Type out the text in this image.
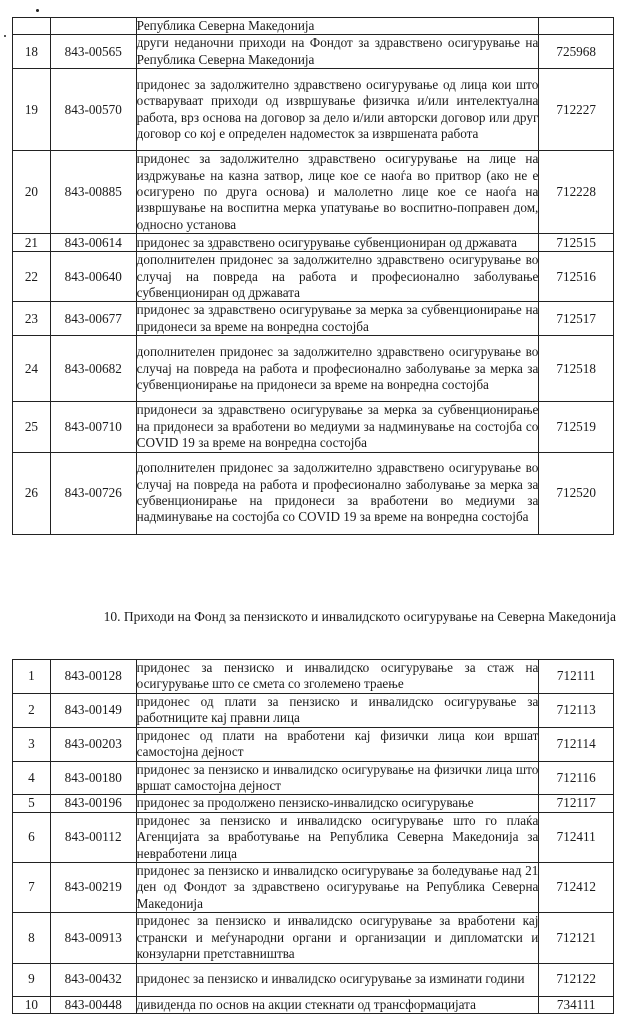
		Република Северна Македонија	
18	843-00565	други неданочни приходи на Фондот за здравствено осигурување на Република Северна Македонија	725968
19	843-00570	придонес за задолжително здравствено осигурување од лица кои што остваруваат приходи од извршување физичка и/или интелектуална работа, врз основа на договор за дело и/или авторски договор или друг договор со кој е определен надоместок за извршената работа	712227
20	843-00885	придонес за задолжително здравствено осигурување на лице на издржување на казна затвор, лице кое се наоѓа во притвор (ако не е осигурено по друга основа) и малолетно лице кое се наоѓа на извршување на воспитна мерка упатување во воспитно-поправен дом, односно установа	712228
21	843-00614	придонес за здравствено осигурување субвенциониран од државата	712515
22	843-00640	дополнителен придонес за задолжително здравствено осигурување во случај на повреда на работа и професионално заболување субвенциониран од државата	712516
23	843-00677	придонес за здравствено осигурување за мерка за субвенционирање на придонеси за време на вонредна состојба	712517
24	843-00682	дополнителен придонес за задолжително здравствено осигурување во случај на повреда на работа и професионално заболување за мерка за субвенционирање на придонеси за време на вонредна состојба	712518
25	843-00710	придонеси за здравствено осигурување за мерка за субвенционирање на придонеси за вработени во медиуми за надминување на состојба со COVID 19 за време на вонредна состојба	712519
26	843-00726	дополнителен придонес за задолжително здравствено осигурување во случај на повреда на работа и професионално заболување за мерка за субвенционирање на придонеси за вработени во медиуми за надминување на состојба со COVID 19 за време на вонредна состојба	712520
10. Приходи на Фонд за пензиското и инвалидското осигурување на Северна Македонија
1	843-00128	придонес за пензиско и инвалидско осигурување за стаж на осигурување што се смета со зголемено траење	712111
2	843-00149	придонес од плати за пензиско и инвалидско осигурување за работниците кај правни лица	712113
3	843-00203	придонес од плати на вработени кај физички лица кои вршат самостојна дејност	712114
4	843-00180	придонес за пензиско и инвалидско осигурување на физички лица што вршат самостојна дејност	712116
5	843-00196	придонес за продолжено пензиско-инвалидско осигурување	712117
6	843-00112	придонес за пензиско и инвалидско осигурување што го плаќа Агенцијата за вработување на Република Северна Македонија за невработени лица	712411
7	843-00219	придонес за пензиско и инвалидско осигурување за боледување над 21 ден од Фондот за здравствено осигурување на Република Северна Македонија	712412
8	843-00913	придонес за пензиско и инвалидско осигурување за вработени кај странски и меѓународни органи и организации и дипломатски и конзуларни претставништва	712121
9	843-00432	придонес за пензиско и инвалидско осигурување за изминати години	712122
10	843-00448	дивиденда по основ на акции стекнати од трансформацијата	734111
